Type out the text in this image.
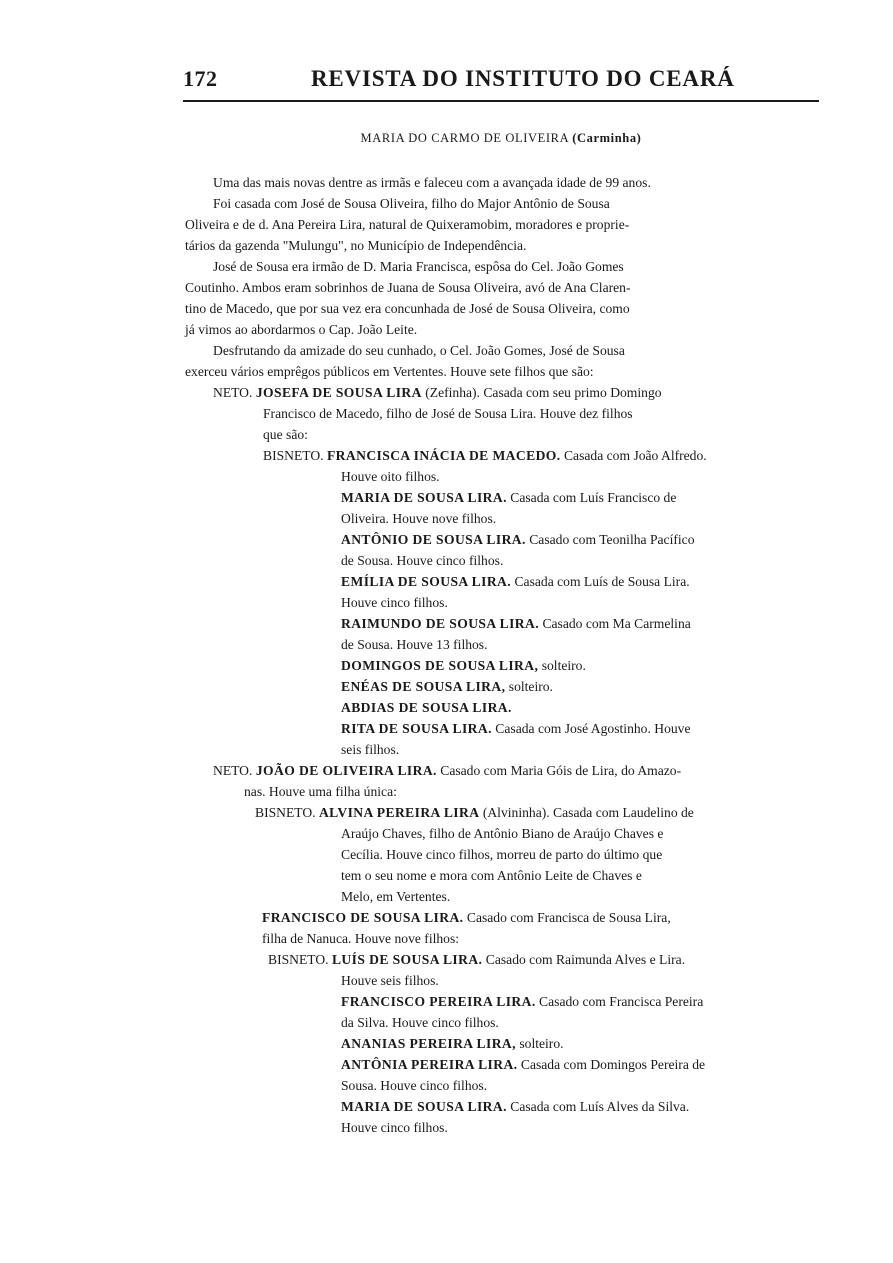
172	REVISTA DO INSTITUTO DO CEARÁ
MARIA DO CARMO DE OLIVEIRA (Carminha)
Uma das mais novas dentre as irmãs e faleceu com a avançada idade de 99 anos.
Foi casada com José de Sousa Oliveira, filho do Major Antônio de Sousa
Oliveira e de d. Ana Pereira Lira, natural de Quixeramobim, moradores e proprie-
tários da gazenda "Mulungu", no Município de Independência.
José de Sousa era irmão de D. Maria Francisca, espôsa do Cel. João Gomes
Coutinho. Ambos eram sobrinhos de Juana de Sousa Oliveira, avó de Ana Claren-
tino de Macedo, que por sua vez era concunhada de José de Sousa Oliveira, como
já vimos ao abordarmos o Cap. João Leite.
Desfrutando da amizade do seu cunhado, o Cel. João Gomes, José de Sousa
exerceu vários emprêgos públicos em Vertentes. Houve sete filhos que são:
NETO. JOSEFA DE SOUSA LIRA (Zefinha). Casada com seu primo Domingo
Francisco de Macedo, filho de José de Sousa Lira. Houve dez filhos
que são:
BISNETO. FRANCISCA INÁCIA DE MACEDO. Casada com João Alfredo.
Houve oito filhos.
MARIA DE SOUSA LIRA. Casada com Luís Francisco de
Oliveira. Houve nove filhos.
ANTÔNIO DE SOUSA LIRA. Casado com Teonilha Pacífico
de Sousa. Houve cinco filhos.
EMÍLIA DE SOUSA LIRA. Casada com Luís de Sousa Lira.
Houve cinco filhos.
RAIMUNDO DE SOUSA LIRA. Casado com Ma Carmelina
de Sousa. Houve 13 filhos.
DOMINGOS DE SOUSA LIRA, solteiro.
ENÉAS DE SOUSA LIRA, solteiro.
ABDIAS DE SOUSA LIRA.
RITA DE SOUSA LIRA. Casada com José Agostinho. Houve
seis filhos.
NETO. JOÃO DE OLIVEIRA LIRA. Casado com Maria Góis de Lira, do Amazo-
nas. Houve uma filha única:
BISNETO. ALVINA PEREIRA LIRA (Alvininha). Casada com Laudelino de
Araújo Chaves, filho de Antônio Biano de Araújo Chaves e
Cecília. Houve cinco filhos, morreu de parto do último que
tem o seu nome e mora com Antônio Leite de Chaves e
Melo, em Vertentes.
FRANCISCO DE SOUSA LIRA. Casado com Francisca de Sousa Lira,
filha de Nanuca. Houve nove filhos:
BISNETO. LUÍS DE SOUSA LIRA. Casado com Raimunda Alves e Lira.
Houve seis filhos.
FRANCISCO PEREIRA LIRA. Casado com Francisca Pereira
da Silva. Houve cinco filhos.
ANANIAS PEREIRA LIRA, solteiro.
ANTÔNIA PEREIRA LIRA. Casada com Domingos Pereira de
Sousa. Houve cinco filhos.
MARIA DE SOUSA LIRA. Casada com Luís Alves da Silva.
Houve cinco filhos.
